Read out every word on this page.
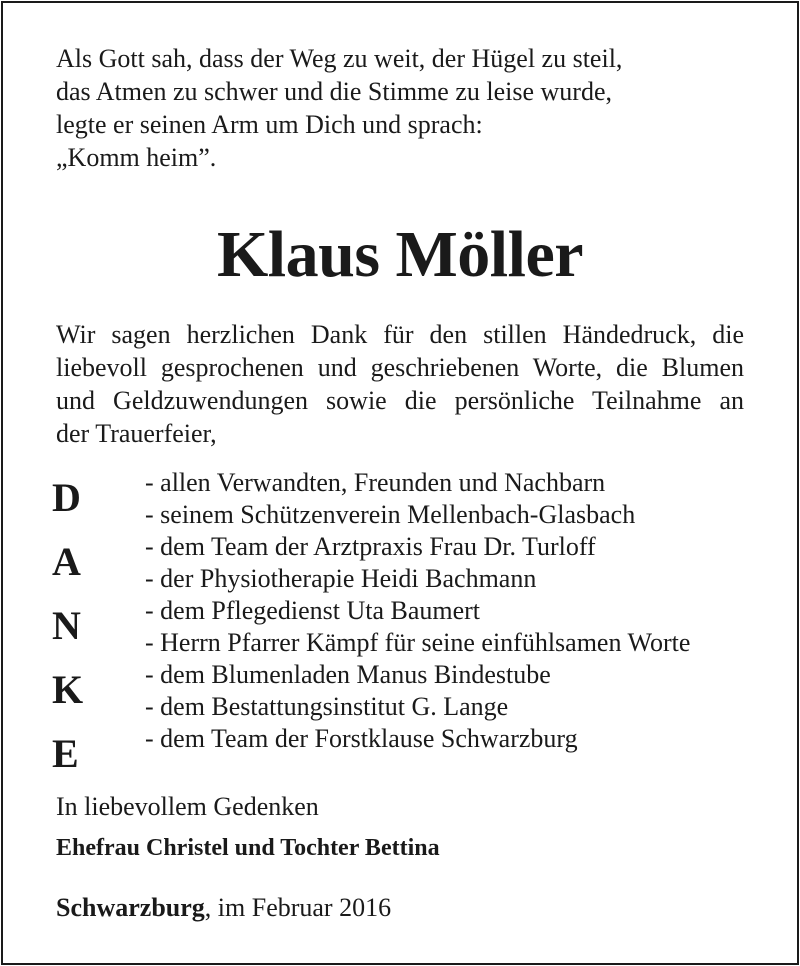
Als Gott sah, dass der Weg zu weit, der Hügel zu steil,
das Atmen zu schwer und die Stimme zu leise wurde,
legte er seinen Arm um Dich und sprach:
„Komm heim”.
Klaus Möller
Wir sagen herzlichen Dank für den stillen Händedruck, die
liebevoll gesprochenen und geschriebenen Worte, die Blumen
und Geldzuwendungen sowie die persönliche Teilnahme an
der Trauerfeier,
D
A
N
K
E
- allen Verwandten, Freunden und Nachbarn
- seinem Schützenverein Mellenbach-Glasbach
- dem Team der Arztpraxis Frau Dr. Turloff
- der Physiotherapie Heidi Bachmann
- dem Pflegedienst Uta Baumert
- Herrn Pfarrer Kämpf für seine einfühlsamen Worte
- dem Blumenladen Manus Bindestube
- dem Bestattungsinstitut G. Lange
- dem Team der Forstklause Schwarzburg
In liebevollem Gedenken
Ehefrau Christel und Tochter Bettina
Schwarzburg, im Februar 2016
